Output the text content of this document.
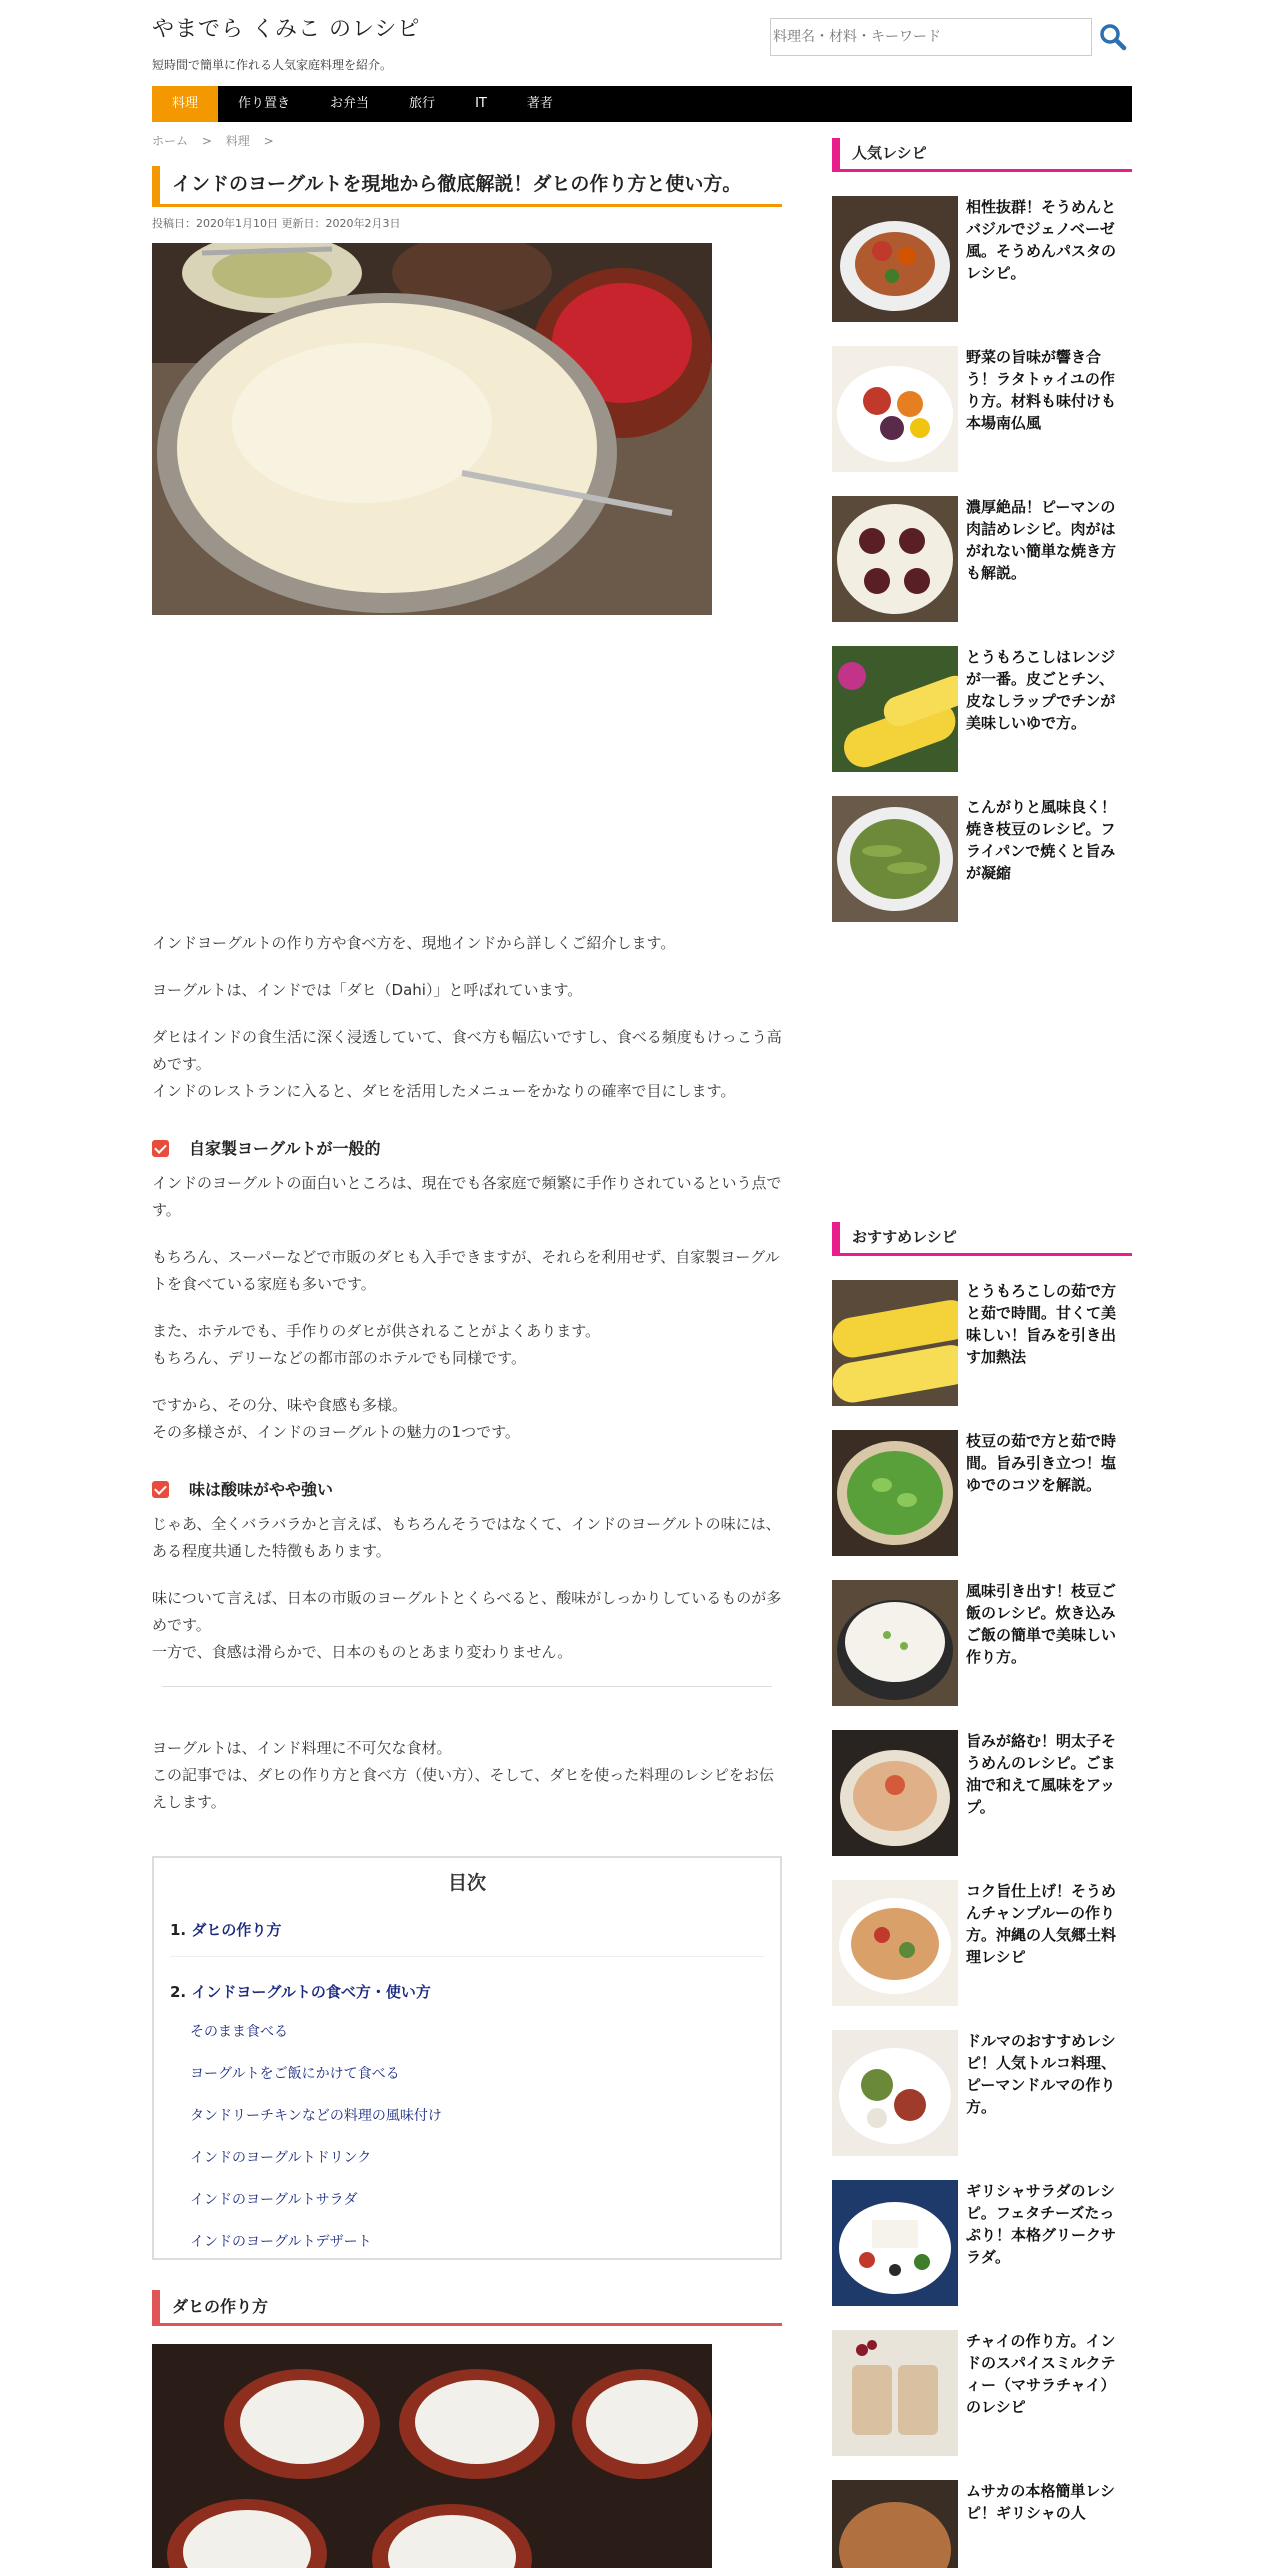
やまでら くみこ のレシピ
短時間で簡単に作れる人気家庭料理を紹介。
料理名・材料・キーワード
料理	作り置き	お弁当	旅行	IT	著者
ホーム > 料理 >
インドのヨーグルトを現地から徹底解説！ダヒの作り方と使い方。
投稿日：2020年1月10日 更新日：2020年2月3日

インドヨーグルトの作り方や食べ方を、現地インドから詳しくご紹介します。

ヨーグルトは、インドでは「ダヒ（Dahi）」と呼ばれています。

ダヒはインドの食生活に深く浸透していて、食べ方も幅広いですし、食べる頻度もけっこう高めです。
インドのレストランに入ると、ダヒを活用したメニューをかなりの確率で目にします。

自家製ヨーグルトが一般的

インドのヨーグルトの面白いところは、現在でも各家庭で頻繁に手作りされているという点です。

もちろん、スーパーなどで市販のダヒも入手できますが、それらを利用せず、自家製ヨーグルトを食べている家庭も多いです。

また、ホテルでも、手作りのダヒが供されることがよくあります。
もちろん、デリーなどの都市部のホテルでも同様です。

ですから、その分、味や食感も多様。
その多様さが、インドのヨーグルトの魅力の1つです。

味は酸味がやや強い

じゃあ、全くバラバラかと言えば、もちろんそうではなくて、インドのヨーグルトの味には、ある程度共通した特徴もあります。

味について言えば、日本の市販のヨーグルトとくらべると、酸味がしっかりしているものが多めです。
一方で、食感は滑らかで、日本のものとあまり変わりません。

ヨーグルトは、インド料理に不可欠な食材。
この記事では、ダヒの作り方と食べ方（使い方）、そして、ダヒを使った料理のレシピをお伝えします。

目次
1. ダヒの作り方
2. インドヨーグルトの食べ方・使い方
そのまま食べる
ヨーグルトをご飯にかけて食べる
タンドリーチキンなどの料理の風味付け
インドのヨーグルトドリンク
インドのヨーグルトサラダ
インドのヨーグルトデザート
ダヒの作り方
人気レシピ
相性抜群！そうめんとバジルでジェノベーゼ風。そうめんパスタのレシピ。
野菜の旨味が響き合う！ラタトゥイユの作り方。材料も味付けも本場南仏風
濃厚絶品！ピーマンの肉詰めレシピ。肉がはがれない簡単な焼き方も解説。
とうもろこしはレンジが一番。皮ごとチン、皮なしラップでチンが美味しいゆで方。
こんがりと風味良く！焼き枝豆のレシピ。フライパンで焼くと旨みが凝縮
おすすめレシピ
とうもろこしの茹で方と茹で時間。甘くて美味しい！旨みを引き出す加熱法
枝豆の茹で方と茹で時間。旨み引き立つ！塩ゆでのコツを解説。
風味引き出す！枝豆ご飯のレシピ。炊き込みご飯の簡単で美味しい作り方。
旨みが絡む！明太子そうめんのレシピ。ごま油で和えて風味をアップ。
コク旨仕上げ！そうめんチャンプルーの作り方。沖縄の人気郷土料理レシピ
ドルマのおすすめレシピ！人気トルコ料理、ピーマンドルマの作り方。
ギリシャサラダのレシピ。フェタチーズたっぷり！本格グリークサラダ。
チャイの作り方。インドのスパイスミルクティー（マサラチャイ）のレシピ
ムサカの本格簡単レシピ！ギリシャの人
